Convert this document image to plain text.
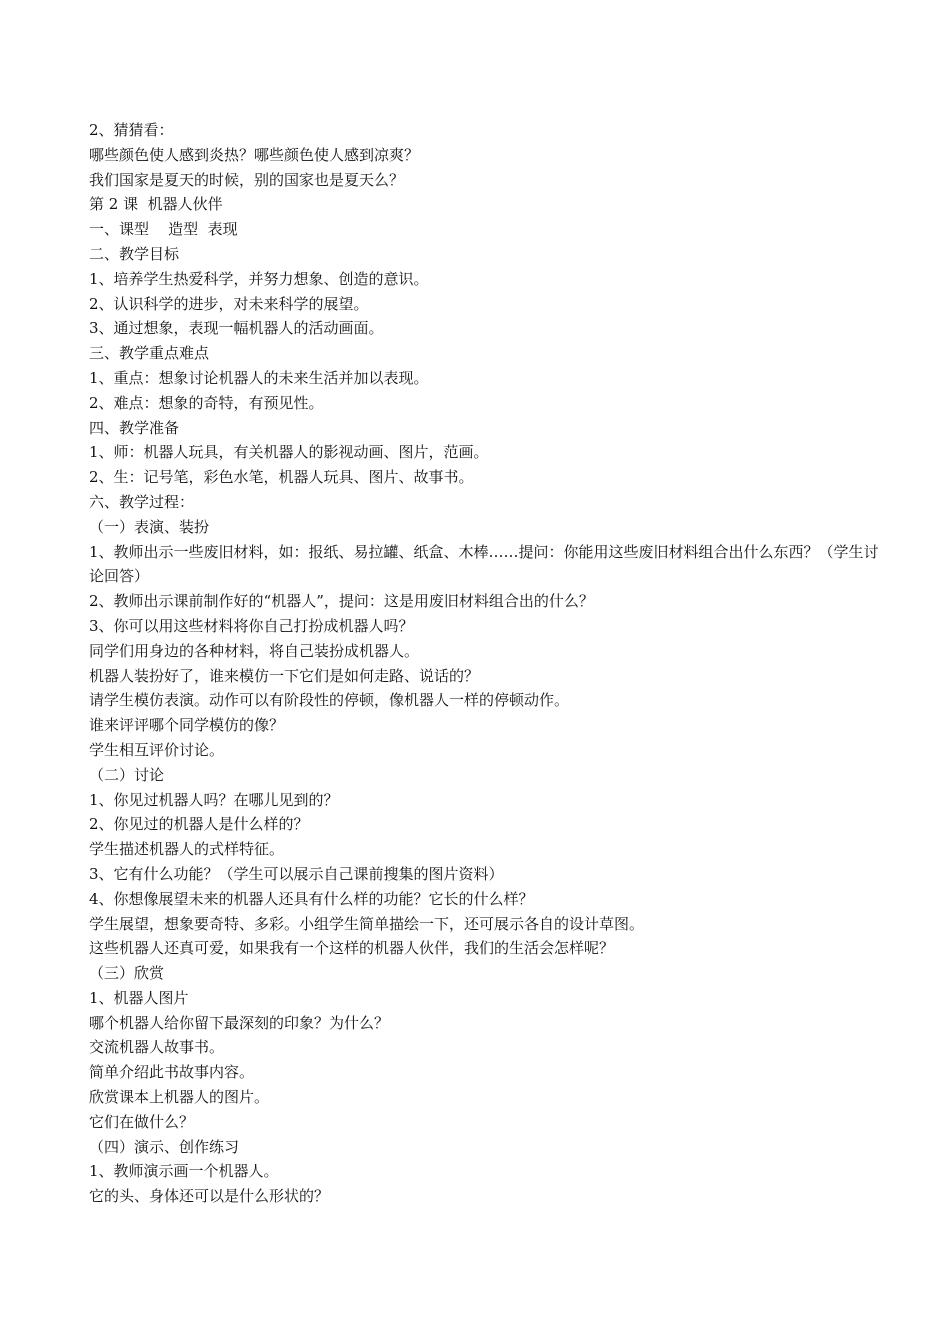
2、猜猜看：

哪些颜色使人感到炎热？哪些颜色使人感到凉爽？

我们国家是夏天的时候，别的国家也是夏天么？

第 2 课  机器人伙伴

一、课型    造型  表现

二、教学目标

1、培养学生热爱科学，并努力想象、创造的意识。

2、认识科学的进步，对未来科学的展望。

3、通过想象，表现一幅机器人的活动画面。

三、教学重点难点

1、重点：想象讨论机器人的未来生活并加以表现。

2、难点：想象的奇特，有预见性。

四、教学准备

1、师：机器人玩具，有关机器人的影视动画、图片，范画。

2、生：记号笔，彩色水笔，机器人玩具、图片、故事书。

六、教学过程：

（一）表演、装扮

1、教师出示一些废旧材料，如：报纸、易拉罐、纸盒、木棒……提问：你能用这些废旧材料组合出什么东西？（学生讨论回答）

2、教师出示课前制作好的“机器人”，提问：这是用废旧材料组合出的什么？

3、你可以用这些材料将你自己打扮成机器人吗？

同学们用身边的各种材料，将自己装扮成机器人。

机器人装扮好了，谁来模仿一下它们是如何走路、说话的？

请学生模仿表演。动作可以有阶段性的停顿，像机器人一样的停顿动作。

谁来评评哪个同学模仿的像？

学生相互评价讨论。

（二）讨论

1、你见过机器人吗？在哪儿见到的？

2、你见过的机器人是什么样的？

学生描述机器人的式样特征。

3、它有什么功能？（学生可以展示自己课前搜集的图片资料）

4、你想像展望未来的机器人还具有什么样的功能？它长的什么样？

学生展望，想象要奇特、多彩。小组学生简单描绘一下，还可展示各自的设计草图。

这些机器人还真可爱，如果我有一个这样的机器人伙伴，我们的生活会怎样呢？

（三）欣赏

1、机器人图片

哪个机器人给你留下最深刻的印象？为什么？

交流机器人故事书。

简单介绍此书故事内容。

欣赏课本上机器人的图片。

它们在做什么？

（四）演示、创作练习

1、教师演示画一个机器人。

它的头、身体还可以是什么形状的？
